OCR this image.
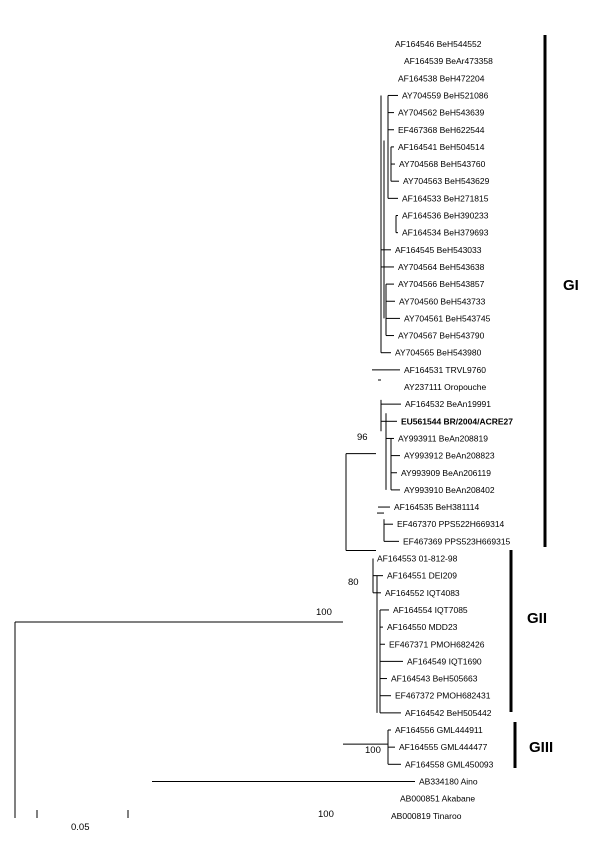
AF164546 BeH544552
AF164539 BeAr473358
AF164538 BeH472204
AY704559 BeH521086
AY704562 BeH543639
EF467368 BeH622544
AF164541 BeH504514
AY704568 BeH543760
AY704563 BeH543629
AF164533 BeH271815
AF164536 BeH390233
AF164534 BeH379693
AF164545 BeH543033
AY704564 BeH543638
AY704566 BeH543857
AY704560 BeH543733
AY704561 BeH543745
AY704567 BeH543790
AY704565 BeH543980
AF164531 TRVL9760
AY237111 Oropouche
AF164532 BeAn19991
EU561544 BR/2004/ACRE27
AY993911 BeAn208819
AY993912 BeAn208823
AY993909 BeAn206119
AY993910 BeAn208402
AF164535 BeH381114
EF467370 PPS522H669314
EF467369 PPS523H669315
AF164553 01-812-98
AF164551 DEI209
AF164552 IQT4083
AF164554 IQT7085
AF164550 MDD23
EF467371 PMOH682426
AF164549 IQT1690
AF164543 BeH505663
EF467372 PMOH682431
AF164542 BeH505442
AF164556 GML444911
AF164555 GML444477
AF164558 GML450093
AB334180 Aino
AB000851 Akabane
AB000819 Tinaroo
96
80
100
100
100
GI
GII
GIII
0.05
